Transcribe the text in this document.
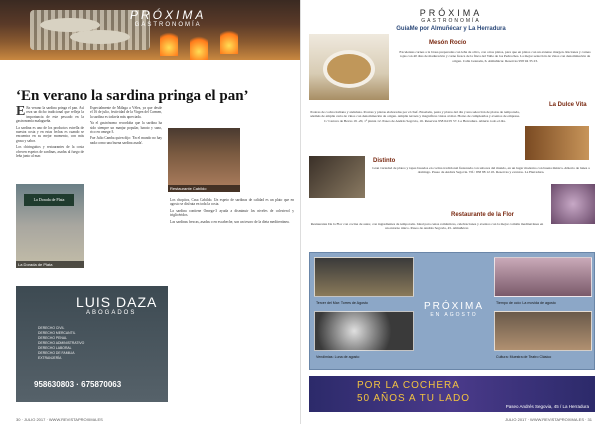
PRÓXIMA
GASTRONOMÍA
‘En verano la sardina pringa el pan’

E En verano la sardina pringa el pan. Así reza un dicho tradicional que refleja la importancia de este pescado en la gastronomía malagueña.

La sardina es uno de los productos estrella de nuestra costa y en estas fechas es cuando se encuentra en su mejor momento, con más grasa y sabor.

Los chiringuitos y restaurantes de la costa ofrecen espetos de sardinas, asadas al fuego de leña junto al mar.

La Dorada de Plata
La Dorada de Plata

Especialmente de Málaga a Vélez, ya que desde el 16 de julio, festividad de la Virgen del Carmen, la sardina es todavía más apreciada.

Ya el gastrónomo recordaba que la sardina ha sido siempre un manjar popular, barato y sano, rico en omega-3.

Fue Julio Camba quien dijo: 'En el mundo no hay nada como una buena sardina asada'.

Restaurante Cabildo

Los chopitos, Casa Cabildo. Un espeto de sardinas de calidad es un plato que en agosto se disfruta en toda la costa.

La sardina contiene Omega-3 ayuda a disminuir los niveles de colesterol y triglicéridos.

Las sardinas frescas, asadas o en escabeche, son un tesoro de la dieta mediterránea.

LUIS DAZA
ABOGADOS
DERECHO CIVIL
DERECHO MERCANTIL
DERECHO PENAL
DERECHO ADMINISTRATIVO
DERECHO LABORAL
DERECHO DE FAMILIA
EXTRANJERÍA
958630803 · 675870063
30 · JULIO 2017 · WWW.REVISTAPROXIMA.ES
PRÓXIMA
GASTRONOMÍA
GuíaMe por Almuñécar y La Herradura
Mesón Rocío
Excelentes carnes a la brasa preparadas con leña de olivo, con otros platos, para que en platos con un extenso margen. Raciones y carnes rojas con 40 días de maduración y carne fresca de la finca del Valle de los Pedroches. La mejor selección de vinos con denominación de origen. Calle Granada, 6. Almuñécar. Reservas 958 94 35 23.
La Dulce Vita
Postres de cocina italiana y andaluza. Postres y pizzas elaboradas por el chef. Ensalada, pasta y platos del día y una selección de platos de temporada, además de amplia carta de vinos con denominación de origen. Amplia terraza y magníficas vistas al mar. Horno de cumpleaños y eventos de empresa. C/ Carrera de Bevas 19 -20, 1ª planta 12. Paseo de Andrés Segovia, 16. Reservas 958 64 05 57. La Herradura. Abierto todo el día.
Distinto
Gran variedad de platos y tapas basados en cocina tradicional fusionada con sabores del mundo, en un lugar moderno con buena música. Abierto de lunes a domingo. Paseo de Andrés Segovia. Tlf.: 958 88 12 45. Reservas y eventos. La Herradura.
Restaurante de la Flor
Restaurante De la Flor con cocina de autor, con ingredientes de temporada. Ideal para cenas románticas, celebraciones y eventos con la mejor comida mediterránea en un entorno único. Paseo de Andrés Segovia, 45. Almuñécar.
Tercer del Mar: Torres de Agosto	Tiempo de ocio: La movida de agosto
Vendimias: Luna de agosto	Cultura: Muestra de Teatro Clásico
PRÓXIMA
EN AGOSTO
POR LA COCHERA
50 AÑOS A TU LADO
Paseo Andrés Segovia, 45 / La Herradura
JULIO 2017 · WWW.REVISTAPROXIMA.ES · 31
